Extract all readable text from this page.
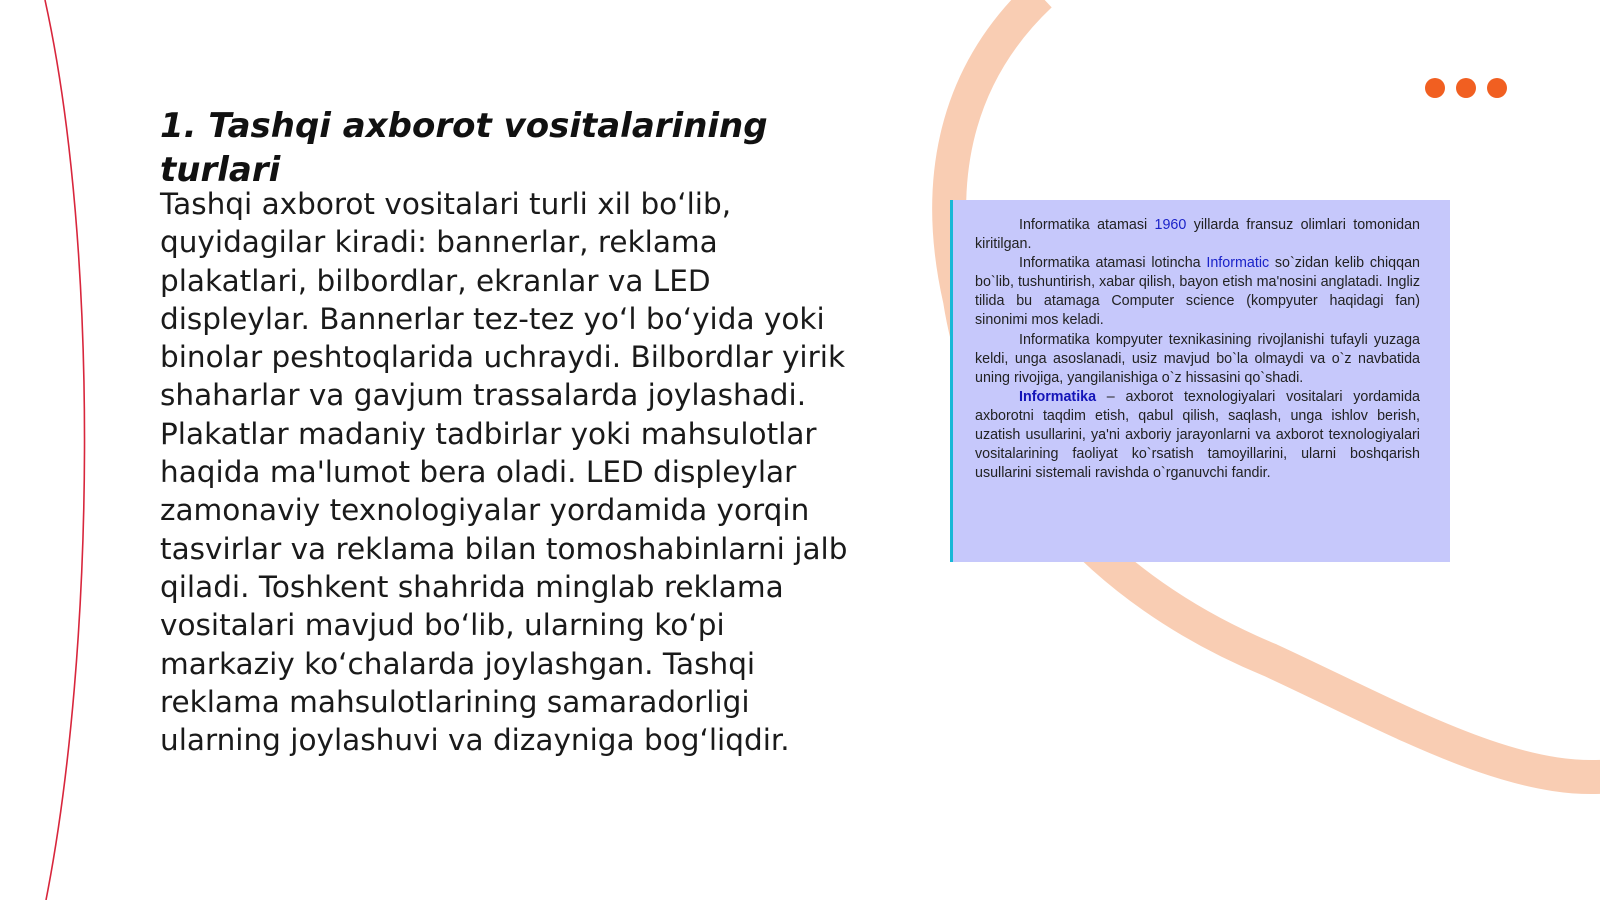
1. Tashqi axborot vositalarining turlari

Tashqi axborot vositalari turli xil bo‘lib, quyidagilar kiradi: bannerlar, reklama plakatlari, bilbordlar, ekranlar va LED displeylar. Bannerlar tez-tez yo‘l bo‘yida yoki binolar peshtoqlarida uchraydi. Bilbordlar yirik shaharlar va gavjum trassalarda joylashadi. Plakatlar madaniy tadbirlar yoki mahsulotlar haqida ma'lumot bera oladi. LED displeylar zamonaviy texnologiyalar yordamida yorqin tasvirlar va reklama bilan tomoshabinlarni jalb qiladi. Toshkent shahrida minglab reklama vositalari mavjud bo‘lib, ularning ko‘pi markaziy ko‘chalarda joylashgan. Tashqi reklama mahsulotlarining samaradorligi ularning joylashuvi va dizayniga bog‘liqdir.

Informatika atamasi 1960 yillarda fransuz olimlari tomonidan kiritilgan.

Informatika atamasi lotincha Informatic so`zidan kelib chiqqan bo`lib, tushuntirish, xabar qilish, bayon etish ma'nosini anglatadi. Ingliz tilida bu atamaga Computer science (kompyuter haqidagi fan) sinonimi mos keladi.

Informatika kompyuter texnikasining rivojlanishi tufayli yuzaga keldi, unga asoslanadi, usiz mavjud bo`la olmaydi va o`z navbatida uning rivojiga, yangilanishiga o`z hissasini qo`shadi.

Informatika – axborot texnologiyalari vositalari yordamida axborotni taqdim etish, qabul qilish, saqlash, unga ishlov berish, uzatish usullarini, ya'ni axboriy jarayonlarni va axborot texnologiyalari vositalarining faoliyat ko`rsatish tamoyillarini, ularni boshqarish usullarini sistemali ravishda o`rganuvchi fandir.
